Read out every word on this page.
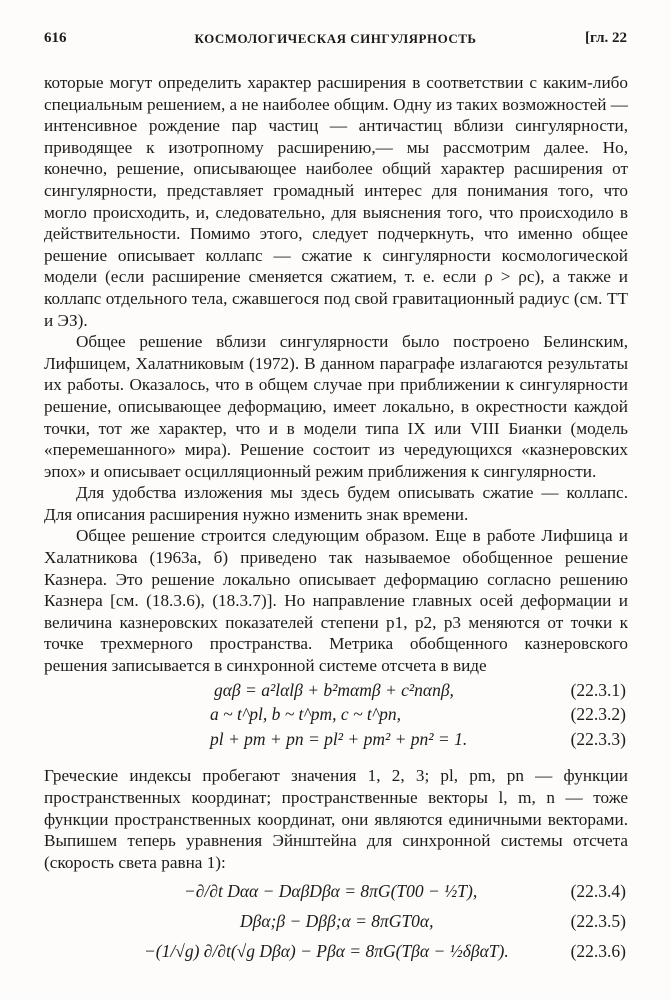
616	КОСМОЛОГИЧЕСКАЯ СИНГУЛЯРНОСТЬ	[гл. 22

которые могут определить характер расширения в соответствии с каким-либо специальным решением, а не наиболее общим. Одну из таких возможностей — интенсивное рождение пар частиц — античастиц вблизи сингулярности, приводящее к изотропному расширению,— мы рассмотрим далее. Но, конечно, решение, описывающее наиболее общий характер расширения от сингулярности, представляет громадный интерес для понимания того, что могло происходить, и, следовательно, для выяснения того, что происходило в действительности. Помимо этого, следует подчеркнуть, что именно общее решение описывает коллапс — сжатие к сингулярности космологической модели (если расширение сменяется сжатием, т. е. если ρ > ρc), а также и коллапс отдельного тела, сжавшегося под свой гравитационный радиус (см. ТТ и ЭЗ).

Общее решение вблизи сингулярности было построено Белинским, Лифшицем, Халатниковым (1972). В данном параграфе излагаются результаты их работы. Оказалось, что в общем случае при приближении к сингулярности решение, описывающее деформацию, имеет локально, в окрестности каждой точки, тот же характер, что и в модели типа IX или VIII Бианки (модель «перемешанного» мира). Решение состоит из чередующихся «казнеровских эпох» и описывает осцилляционный режим приближения к сингулярности.

Для удобства изложения мы здесь будем описывать сжатие — коллапс. Для описания расширения нужно изменить знак времени.

Общее решение строится следующим образом. Еще в работе Лифшица и Халатникова (1963а, б) приведено так называемое обобщенное решение Казнера. Это решение локально описывает деформацию согласно решению Казнера [см. (18.3.6), (18.3.7)]. Но направление главных осей деформации и величина казнеровских показателей степени p1, p2, p3 меняются от точки к точке трехмерного пространства. Метрика обобщенного казнеровского решения записывается в синхронной системе отсчета в виде

gαβ = a²lαlβ + b²mαmβ + c²nαnβ,	(22.3.1)
a ~ t^pl, b ~ t^pm, c ~ t^pn,	(22.3.2)
pl + pm + pn = pl² + pm² + pn² = 1.	(22.3.3)

Греческие индексы пробегают значения 1, 2, 3; pl, pm, pn — функции пространственных координат; пространственные векторы l, m, n — тоже функции пространственных координат, они являются единичными векторами. Выпишем теперь уравнения Эйнштейна для синхронной системы отсчета (скорость света равна 1):

−∂/∂t Dαα − DαβDβα = 8πG(T00 − ½T),	(22.3.4)
Dβα;β − Dββ;α = 8πGT0α,	(22.3.5)
−(1/√g) ∂/∂t(√g Dβα) − Pβα = 8πG(Tβα − ½δβαT).	(22.3.6)
